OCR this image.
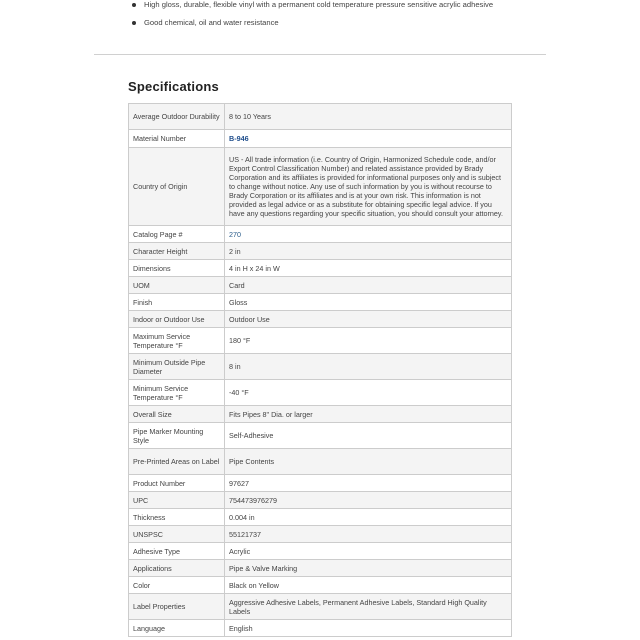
High gloss, durable, flexible vinyl with a permanent cold temperature pressure sensitive acrylic adhesive
Good chemical, oil and water resistance
Specifications
Average Outdoor Durability	8 to 10 Years
Material Number	B-946
Country of Origin	US - All trade information (i.e. Country of Origin, Harmonized Schedule code, and/or Export Control Classification Number) and related assistance provided by Brady Corporation and its affiliates is provided for informational purposes only and is subject to change without notice. Any use of such information by you is without recourse to Brady Corporation or its affiliates and is at your own risk. This information is not provided as legal advice or as a substitute for obtaining specific legal advice. If you have any questions regarding your specific situation, you should consult your attorney.
Catalog Page #	270
Character Height	2 in
Dimensions	4 in H x 24 in W
UOM	Card
Finish	Gloss
Indoor or Outdoor Use	Outdoor Use
Maximum Service Temperature °F	180 °F
Minimum Outside Pipe Diameter	8 in
Minimum Service Temperature °F	-40 °F
Overall Size	Fits Pipes 8" Dia. or larger
Pipe Marker Mounting Style	Self-Adhesive
Pre-Printed Areas on Label	Pipe Contents
Product Number	97627
UPC	754473976279
Thickness	0.004 in
UNSPSC	55121737
Adhesive Type	Acrylic
Applications	Pipe & Valve Marking
Color	Black on Yellow
Label Properties	Aggressive Adhesive Labels, Permanent Adhesive Labels, Standard High Quality Labels
Language	English
